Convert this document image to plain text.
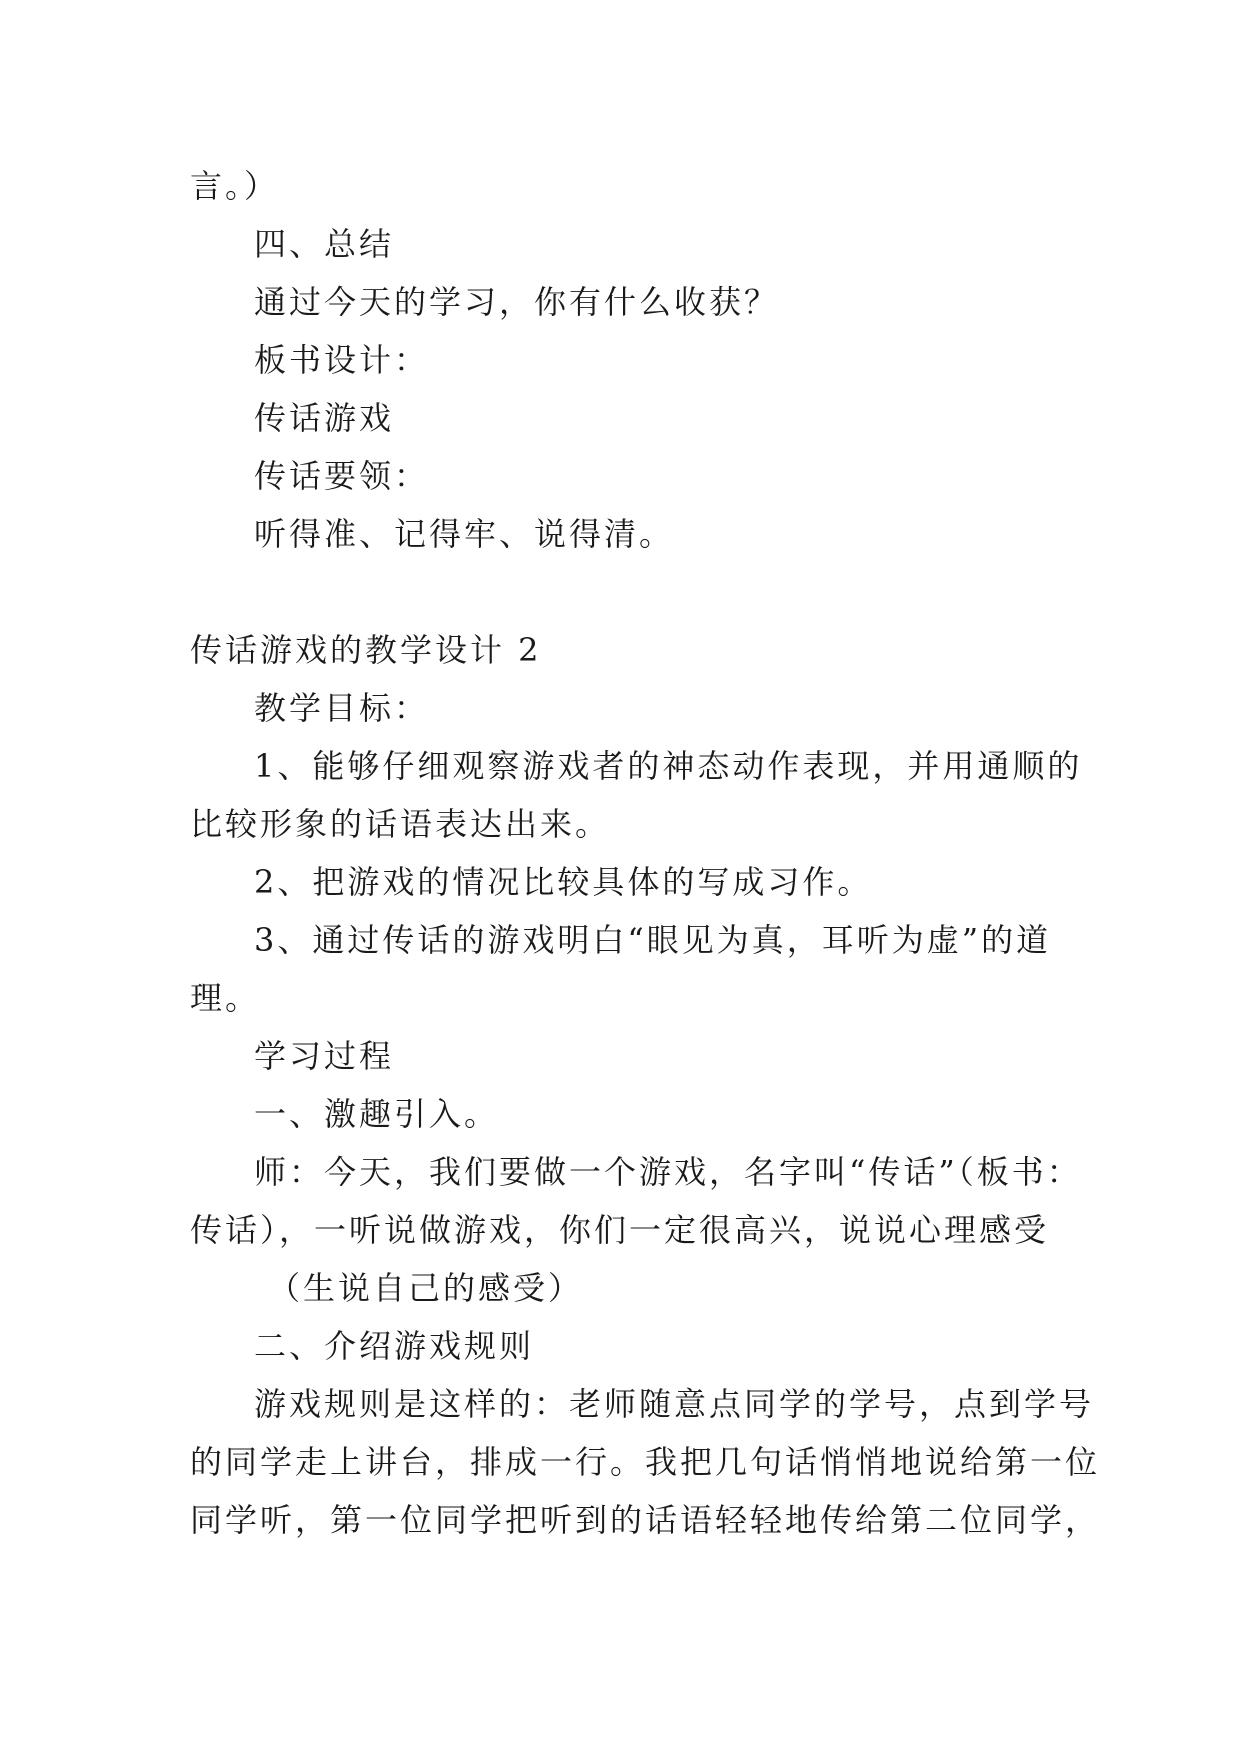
言。）
四、总结
通过今天的学习，你有什么收获？
板书设计：
传话游戏
传话要领：
听得准、记得牢、说得清。
传话游戏的教学设计 2
教学目标：
1、能够仔细观察游戏者的神态动作表现，并用通顺的
比较形象的话语表达出来。
2、把游戏的情况比较具体的写成习作。
3、通过传话的游戏明白“眼见为真，耳听为虚”的道
理。
学习过程
一、激趣引入。
师：今天，我们要做一个游戏，名字叫“传话”（板书：
传话），一听说做游戏，你们一定很高兴，说说心理感受
（生说自己的感受）
二、介绍游戏规则
游戏规则是这样的：老师随意点同学的学号，点到学号
的同学走上讲台，排成一行。我把几句话悄悄地说给第一位
同学听，第一位同学把听到的话语轻轻地传给第二位同学，
